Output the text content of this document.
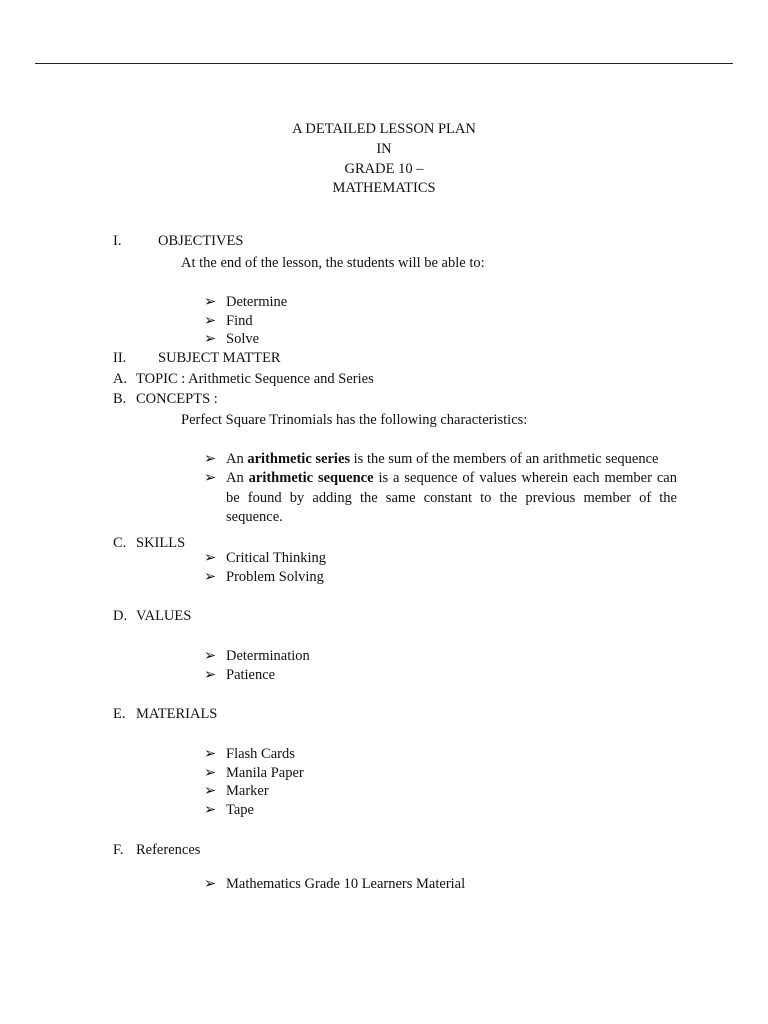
A DETAILED LESSON PLAN
IN
GRADE 10 –
MATHEMATICS
I.	OBJECTIVES
At the end of the lesson, the students will be able to:
➢ Determine
➢ Find
➢ Solve
II. SUBJECT MATTER
A. TOPIC : Arithmetic Sequence and Series
B. CONCEPTS :
Perfect Square Trinomials has the following characteristics:
➢ An arithmetic series is the sum of the members of an arithmetic sequence
➢ An arithmetic sequence is a sequence of values wherein each member can be found by adding the same constant to the previous member of the sequence.
C. SKILLS
➢ Critical Thinking
➢ Problem Solving
D. VALUES
➢ Determination
➢ Patience
E. MATERIALS
➢ Flash Cards
➢ Manila Paper
➢ Marker
➢ Tape
F. References
➢ Mathematics Grade 10 Learners Material
